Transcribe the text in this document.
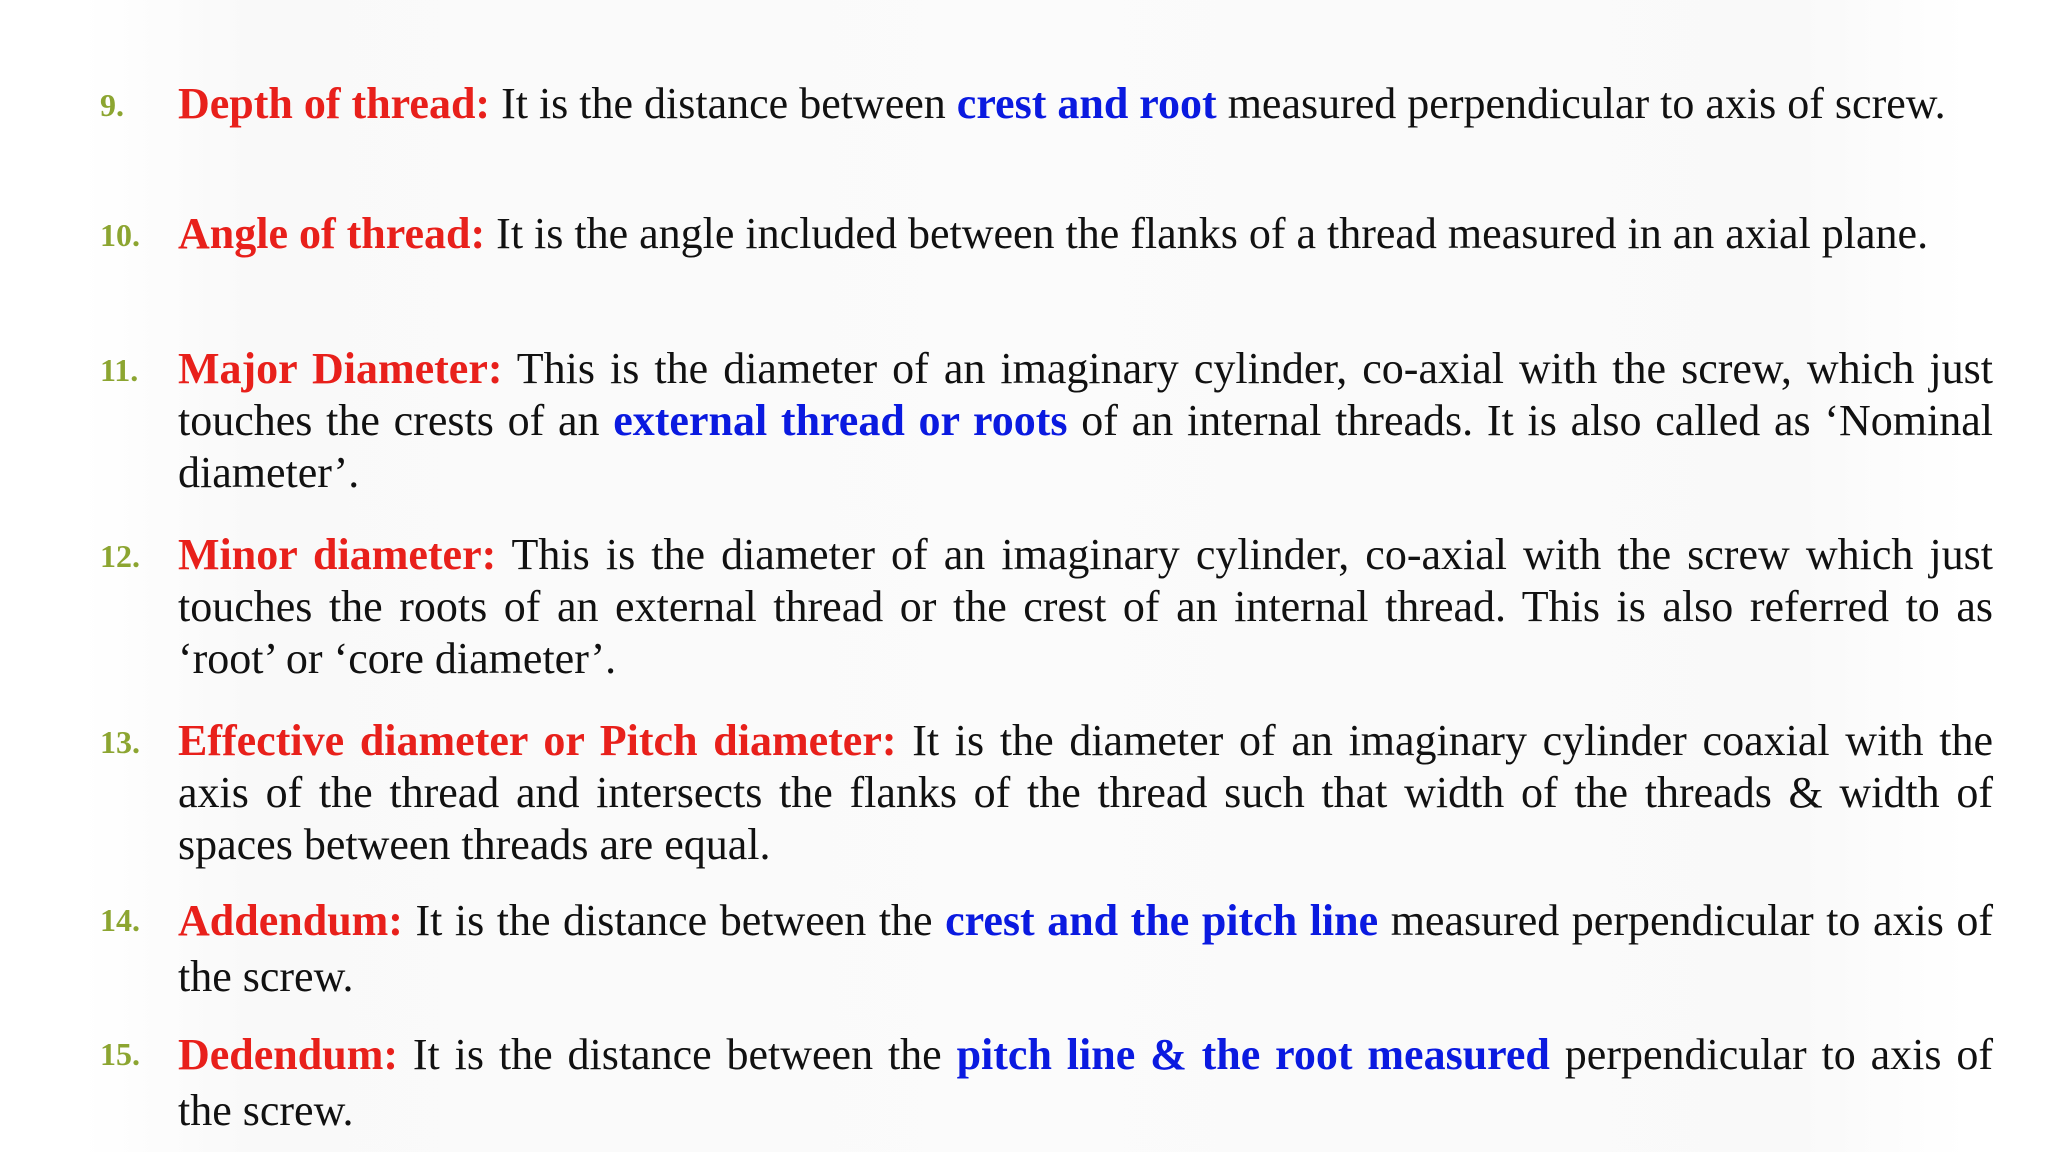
9.	Depth of thread: It is the distance between crest and root measured perpendicular to axis of screw.

10. Angle of thread: It is the angle included between the flanks of a thread measured in an axial plane.

11. Major Diameter: This is the diameter of an imaginary cylinder, co-axial with the screw, which just touches the crests of an external thread or roots of an internal threads. It is also called as ‘Nominal diameter’.

12. Minor diameter: This is the diameter of an imaginary cylinder, co-axial with the screw which just touches the roots of an external thread or the crest of an internal thread. This is also referred to as ‘root’ or ‘core diameter’.

13. Effective diameter or Pitch diameter: It is the diameter of an imaginary cylinder coaxial with the axis of the thread and intersects the flanks of the thread such that width of the threads & width of spaces between threads are equal.

14. Addendum: It is the distance between the crest and the pitch line measured perpendicular to axis of the screw.

15. Dedendum: It is the distance between the pitch line & the root measured perpendicular to axis of the screw.
